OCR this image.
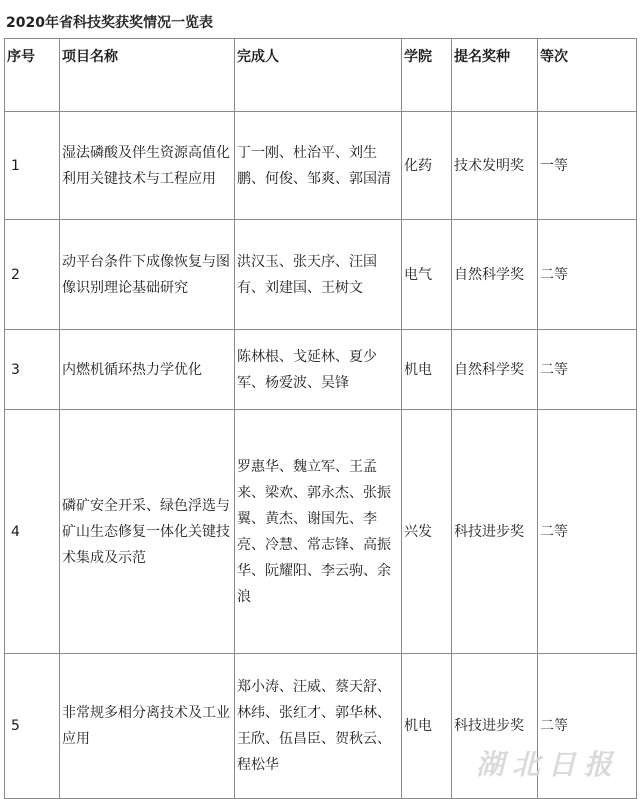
2020年省科技奖获奖情况一览表
序号	项目名称	完成人	学院	提名奖种	等次
1	湿法磷酸及伴生资源高值化利用关键技术与工程应用	丁一刚、杜治平、刘生鹏、何俊、邹爽、郭国清	化药	技术发明奖	一等
2	动平台条件下成像恢复与图像识别理论基础研究	洪汉玉、张天序、汪国有、刘建国、王树文	电气	自然科学奖	二等
3	内燃机循环热力学优化	陈林根、戈延林、夏少军、杨爱波、吴锋	机电	自然科学奖	二等
4	磷矿安全开采、绿色浮选与矿山生态修复一体化关键技术集成及示范	罗惠华、魏立军、王孟来、梁欢、郭永杰、张振翼、黄杰、谢国先、李亮、冷慧、常志锋、高振华、阮耀阳、李云驹、余浪	兴发	科技进步奖	二等
5	非常规多相分离技术及工业应用	郑小涛、汪威、蔡天舒、林纬、张红才、郭华林、王欣、伍昌臣、贺秋云、程松华	机电	科技进步奖	二等
湖北日报
